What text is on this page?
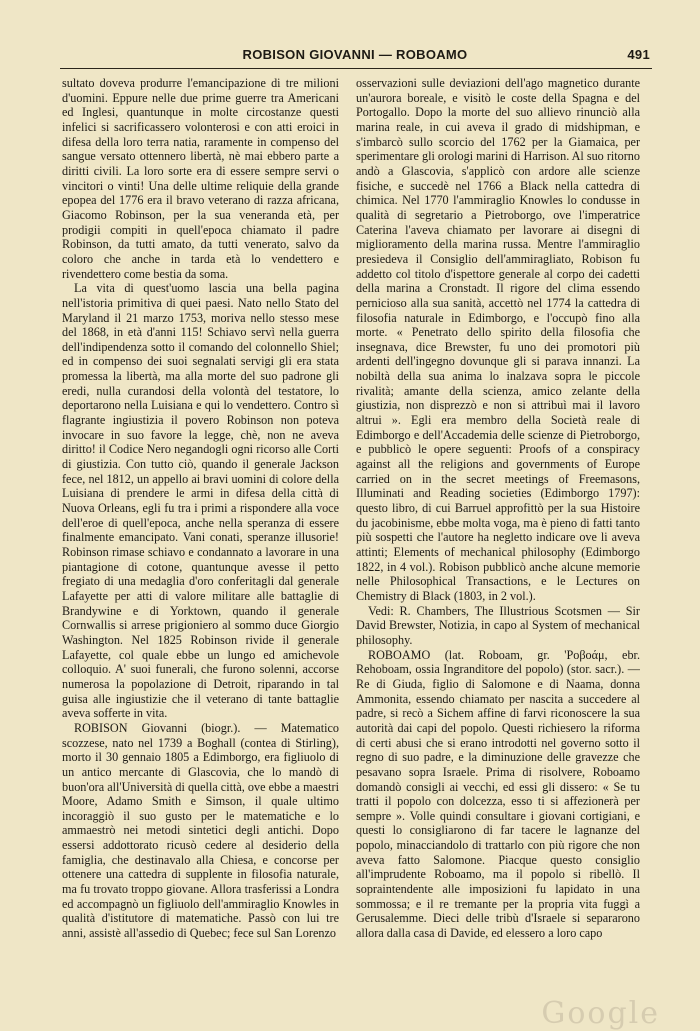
ROBISON GIOVANNI — ROBOAMO	491

sultato doveva produrre l'emancipazione di tre milioni d'uomini. Eppure nelle due prime guerre tra Americani ed Inglesi, quantunque in molte circostanze questi infelici si sacrificassero volonterosi e con atti eroici in difesa della loro terra natia, raramente in compenso del sangue versato ottennero libertà, nè mai ebbero parte a diritti civili. La loro sorte era di essere sempre servi o vincitori o vinti! Una delle ultime reliquie della grande epopea del 1776 era il bravo veterano di razza africana, Giacomo Robinson, per la sua veneranda età, per prodigii compiti in quell'epoca chiamato il padre Robinson, da tutti amato, da tutti venerato, salvo da coloro che anche in tarda età lo vendettero e rivendettero come bestia da soma.

La vita di quest'uomo lascia una bella pagina nell'istoria primitiva di quei paesi. Nato nello Stato del Maryland il 21 marzo 1753, moriva nello stesso mese del 1868, in età d'anni 115! Schiavo servì nella guerra dell'indipendenza sotto il comando del colonnello Shiel; ed in compenso dei suoi segnalati servigi gli era stata promessa la libertà, ma alla morte del suo padrone gli eredi, nulla curandosi della volontà del testatore, lo deportarono nella Luisiana e qui lo vendettero. Contro sì flagrante ingiustizia il povero Robinson non poteva invocare in suo favore la legge, chè, non ne aveva diritto! il Codice Nero negandogli ogni ricorso alle Corti di giustizia. Con tutto ciò, quando il generale Jackson fece, nel 1812, un appello ai bravi uomini di colore della Luisiana di prendere le armi in difesa della città di Nuova Orleans, egli fu tra i primi a rispondere alla voce dell'eroe di quell'epoca, anche nella speranza di essere finalmente emancipato. Vani conati, speranze illusorie! Robinson rimase schiavo e condannato a lavorare in una piantagione di cotone, quantunque avesse il petto fregiato di una medaglia d'oro conferitagli dal generale Lafayette per atti di valore militare alle battaglie di Brandywine e di Yorktown, quando il generale Cornwallis si arrese prigioniero al sommo duce Giorgio Washington. Nel 1825 Robinson rivide il generale Lafayette, col quale ebbe un lungo ed amichevole colloquio. A' suoi funerali, che furono solenni, accorse numerosa la popolazione di Detroit, riparando in tal guisa alle ingiustizie che il veterano di tante battaglie aveva sofferte in vita.

ROBISON Giovanni (biogr.). — Matematico scozzese, nato nel 1739 a Boghall (contea di Stirling), morto il 30 gennaio 1805 a Edimborgo, era figliuolo di un antico mercante di Glascovia, che lo mandò di buon'ora all'Università di quella città, ove ebbe a maestri Moore, Adamo Smith e Simson, il quale ultimo incoraggiò il suo gusto per le matematiche e lo ammaestrò nei metodi sintetici degli antichi. Dopo essersi addottorato ricusò cedere al desiderio della famiglia, che destinavalo alla Chiesa, e concorse per ottenere una cattedra di supplente in filosofia naturale, ma fu trovato troppo giovane. Allora trasferissi a Londra ed accompagnò un figliuolo dell'ammiraglio Knowles in qualità d'istitutore di matematiche. Passò con lui tre anni, assistè all'assedio di Quebec; fece sul San Lorenzo

osservazioni sulle deviazioni dell'ago magnetico durante un'aurora boreale, e visitò le coste della Spagna e del Portogallo. Dopo la morte del suo allievo rinunciò alla marina reale, in cui aveva il grado di midshipman, e s'imbarcò sullo scorcio del 1762 per la Giamaica, per sperimentare gli orologi marini di Harrison. Al suo ritorno andò a Glascovia, s'applicò con ardore alle scienze fisiche, e succedè nel 1766 a Black nella cattedra di chimica. Nel 1770 l'ammiraglio Knowles lo condusse in qualità di segretario a Pietroborgo, ove l'imperatrice Caterina l'aveva chiamato per lavorare ai disegni di miglioramento della marina russa. Mentre l'ammiraglio presiedeva il Consiglio dell'ammiragliato, Robison fu addetto col titolo d'ispettore generale al corpo dei cadetti della marina a Cronstadt. Il rigore del clima essendo pernicioso alla sua sanità, accettò nel 1774 la cattedra di filosofia naturale in Edimborgo, e l'occupò fino alla morte. « Penetrato dello spirito della filosofia che insegnava, dice Brewster, fu uno dei promotori più ardenti dell'ingegno dovunque gli si parava innanzi. La nobiltà della sua anima lo inalzava sopra le piccole rivalità; amante della scienza, amico zelante della giustizia, non disprezzò e non si attribuì mai il lavoro altrui ». Egli era membro della Società reale di Edimborgo e dell'Accademia delle scienze di Pietroborgo, e pubblicò le opere seguenti: Proofs of a conspiracy against all the religions and governments of Europe carried on in the secret meetings of Freemasons, Illuminati and Reading societies (Edimborgo 1797): questo libro, di cui Barruel approfittò per la sua Histoire du jacobinisme, ebbe molta voga, ma è pieno di fatti tanto più sospetti che l'autore ha negletto indicare ove li aveva attinti; Elements of mechanical philosophy (Edimborgo 1822, in 4 vol.). Robison pubblicò anche alcune memorie nelle Philosophical Transactions, e le Lectures on Chemistry di Black (1803, in 2 vol.).

Vedi: R. Chambers, The Illustrious Scotsmen — Sir David Brewster, Notizia, in capo al System of mechanical philosophy.

ROBOAMO (lat. Roboam, gr. 'Ροβοάμ, ebr. Rehoboam, ossia Ingranditore del popolo) (stor. sacr.). — Re di Giuda, figlio di Salomone e di Naama, donna Ammonita, essendo chiamato per nascita a succedere al padre, si recò a Sichem affine di farvi riconoscere la sua autorità dai capi del popolo. Questi richiesero la riforma di certi abusi che si erano introdotti nel governo sotto il regno di suo padre, e la diminuzione delle gravezze che pesavano sopra Israele. Prima di risolvere, Roboamo domandò consigli ai vecchi, ed essi gli dissero: « Se tu tratti il popolo con dolcezza, esso ti si affezionerà per sempre ». Volle quindi consultare i giovani cortigiani, e questi lo consigliarono di far tacere le lagnanze del popolo, minacciandolo di trattarlo con più rigore che non aveva fatto Salomone. Piacque questo consiglio all'imprudente Roboamo, ma il popolo si ribellò. Il sopraintendente alle imposizioni fu lapidato in una sommossa; e il re tremante per la propria vita fuggì a Gerusalemme. Dieci delle tribù d'Israele si separarono allora dalla casa di Davide, ed elessero a loro capo

Google
